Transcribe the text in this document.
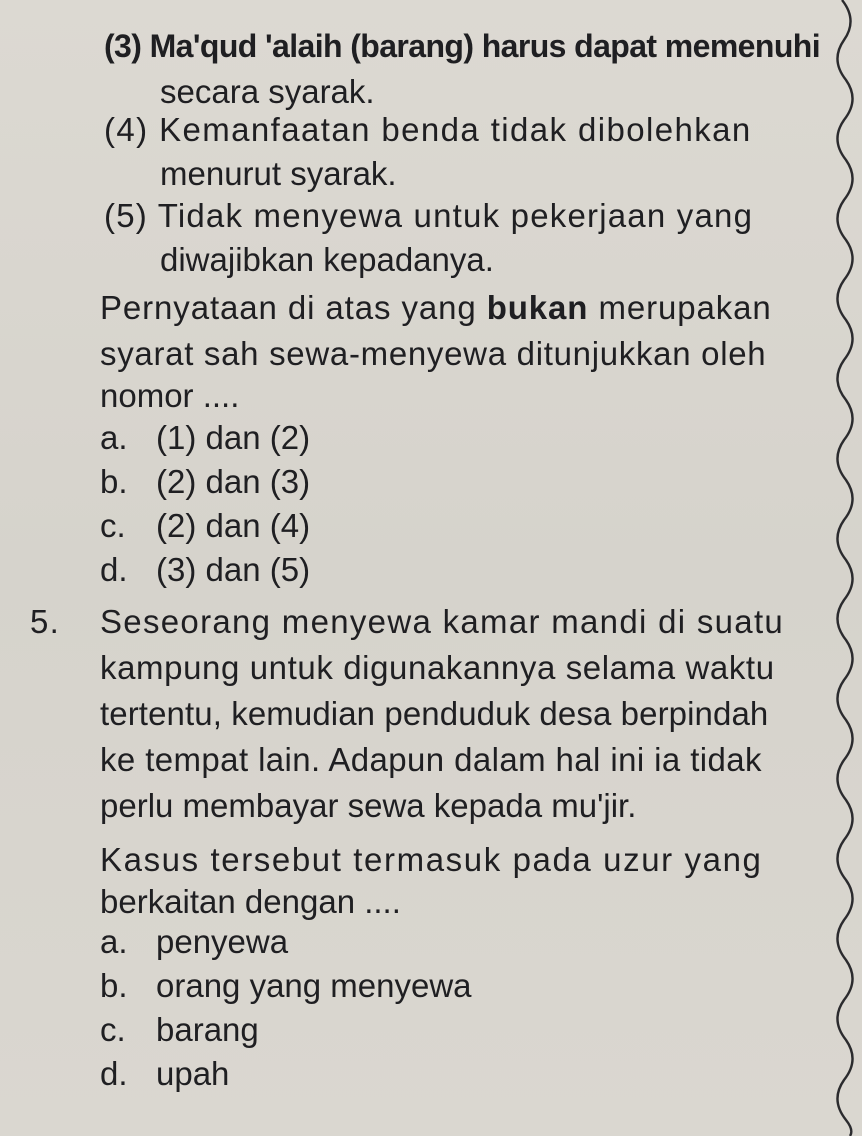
(3) Ma'qud 'alaih (barang) harus dapat memenuhi
secara syarak.
(4) Kemanfaatan benda tidak dibolehkan
menurut syarak.
(5) Tidak menyewa untuk pekerjaan yang
diwajibkan kepadanya.
Pernyataan di atas yang bukan merupakan
syarat sah sewa-menyewa ditunjukkan oleh
nomor ....
a. (1) dan (2)
b. (2) dan (3)
c. (2) dan (4)
d. (3) dan (5)
5. Seseorang menyewa kamar mandi di suatu
kampung untuk digunakannya selama waktu
tertentu, kemudian penduduk desa berpindah
ke tempat lain. Adapun dalam hal ini ia tidak
perlu membayar sewa kepada mu'jir.
Kasus tersebut termasuk pada uzur yang
berkaitan dengan ....
a. penyewa
b. orang yang menyewa
c. barang
d. upah
